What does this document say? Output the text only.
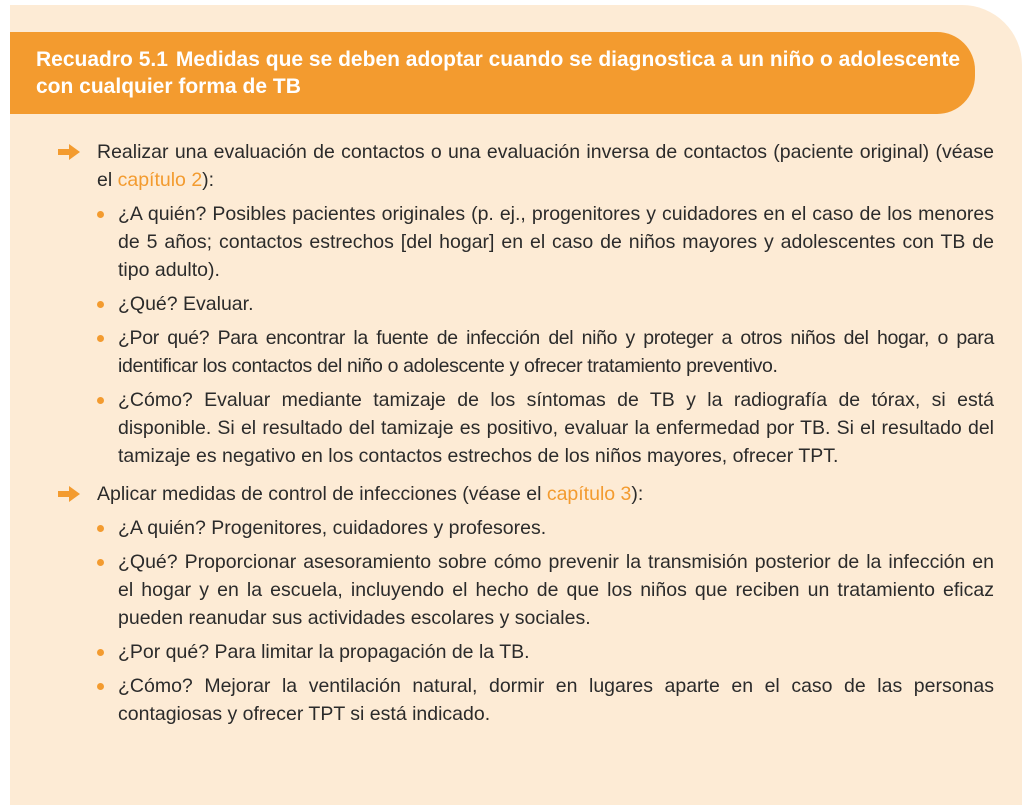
Recuadro 5.1 Medidas que se deben adoptar cuando se diagnostica a un niño o adolescente con cualquier forma de TB
Realizar una evaluación de contactos o una evaluación inversa de contactos (paciente original) (véase el capítulo 2):
¿A quién? Posibles pacientes originales (p. ej., progenitores y cuidadores en el caso de los menores de 5 años; contactos estrechos [del hogar] en el caso de niños mayores y adolescentes con TB de tipo adulto).
¿Qué? Evaluar.
¿Por qué? Para encontrar la fuente de infección del niño y proteger a otros niños del hogar, o para identificar los contactos del niño o adolescente y ofrecer tratamiento preventivo.
¿Cómo? Evaluar mediante tamizaje de los síntomas de TB y la radiografía de tórax, si está disponible. Si el resultado del tamizaje es positivo, evaluar la enfermedad por TB. Si el resultado del tamizaje es negativo en los contactos estrechos de los niños mayores, ofrecer TPT.
Aplicar medidas de control de infecciones (véase el capítulo 3):
¿A quién? Progenitores, cuidadores y profesores.
¿Qué? Proporcionar asesoramiento sobre cómo prevenir la transmisión posterior de la infección en el hogar y en la escuela, incluyendo el hecho de que los niños que reciben un tratamiento eficaz pueden reanudar sus actividades escolares y sociales.
¿Por qué? Para limitar la propagación de la TB.
¿Cómo? Mejorar la ventilación natural, dormir en lugares aparte en el caso de las personas contagiosas y ofrecer TPT si está indicado.
